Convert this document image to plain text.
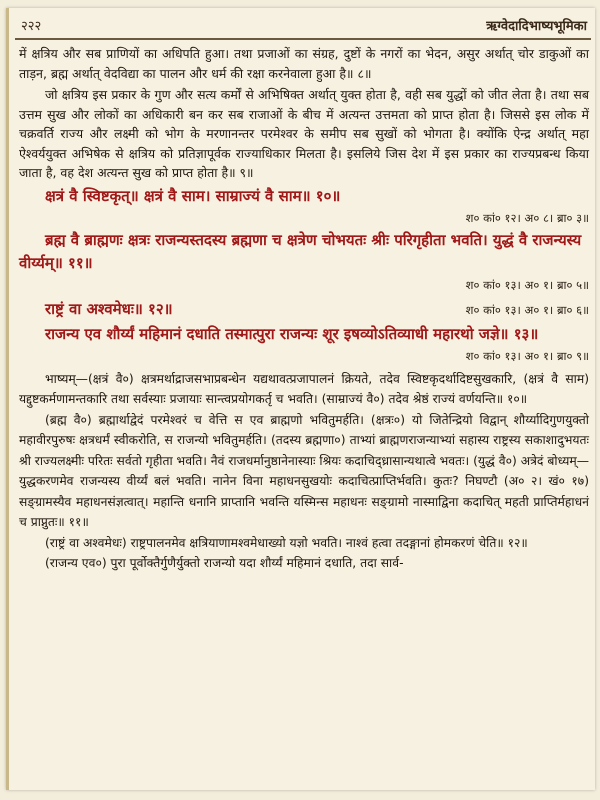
२२२	ऋग्वेदादिभाष्यभूमिका

में क्षत्रिय और सब प्राणियों का अधिपति हुआ। तथा प्रजाओं का संग्रह, दुष्टों के नगरों का भेदन, असुर अर्थात् चोर डाकुओं का ताड़न, ब्रह्म अर्थात् वेदविद्या का पालन और धर्म की रक्षा करनेवाला हुआ है॥ ८॥

जो क्षत्रिय इस प्रकार के गुण और सत्य कर्मों से अभिषिक्त अर्थात् युक्त होता है, वही सब युद्धों को जीत लेता है। तथा सब उत्तम सुख और लोकों का अधिकारी बन कर सब राजाओं के बीच में अत्यन्त उत्तमता को प्राप्त होता है। जिससे इस लोक में चक्रवर्ति राज्य और लक्ष्मी को भोग के मरणानन्तर परमेश्वर के समीप सब सुखों को भोगता है। क्योंकि ऐन्द्र अर्थात् महा ऐश्वर्ययुक्त अभिषेक से क्षत्रिय को प्रतिज्ञापूर्वक राज्याधिकार मिलता है। इसलिये जिस देश में इस प्रकार का राज्यप्रबन्ध किया जाता है, वह देश अत्यन्त सुख को प्राप्त होता है॥ ९॥

क्षत्रं वै स्विष्टकृत्॥ क्षत्रं वै साम। साम्राज्यं वै साम॥ १०॥

श० कां० १२। अ० ८। ब्रा० ३॥

ब्रह्म वै ब्राह्मणः क्षत्रः राजन्यस्तदस्य ब्रह्मणा च क्षत्रेण चोभयतः श्रीः परिगृहीता भवति। युद्धं वै राजन्यस्य वीर्य्यम्॥ ११॥

श० कां० १३। अ० १। ब्रा० ५॥

राष्ट्रं वा अश्वमेधः॥ १२॥	श० कां० १३। अ० १। ब्रा० ६॥

राजन्य एव शौर्य्यं महिमानं दधाति तस्मात्पुरा राजन्यः शूर इषव्योऽतिव्याधी महारथो जज्ञे॥ १३॥

श० कां० १३। अ० १। ब्रा० ९॥

भाष्यम्—(क्षत्रं वै०) क्षत्रमर्थाद्राजसभाप्रबन्धेन यद्यथावत्प्रजापालनं क्रियते, तदेव स्विष्टकृदर्थादिष्टसुखकारि, (क्षत्रं वै साम) यद्दुष्टकर्मणामन्तकारि तथा सर्वस्याः प्रजायाः सान्त्वप्रयोगकर्तृ च भवति। (साम्राज्यं वै०) तदेव श्रेष्ठं राज्यं वर्णयन्ति॥ १०॥

(ब्रह्म वै०) ब्रह्मार्थाद्वेदं परमेश्वरं च वेत्ति स एव ब्राह्मणो भवितुमर्हति। (क्षत्रः०) यो जितेन्द्रियो विद्वान् शौर्य्यादिगुणयुक्तो महावीरपुरुषः क्षत्रधर्मं स्वीकरोति, स राजन्यो भवितुमर्हति। (तदस्य ब्रह्मणा०) ताभ्यां ब्राह्मणराजन्याभ्यां सहास्य राष्ट्रस्य सकाशादुभयतः श्री राज्यलक्ष्मीः परितः सर्वतो गृहीता भवति। नैवं राजधर्मानुष्ठानेनास्याः श्रियः कदाचिद्ध्रासान्यथात्वे भवतः। (युद्धं वै०) अत्रेदं बोध्यम्—युद्धकरणमेव राजन्यस्य वीर्य्यं बलं भवति। नानेन विना महाधनसुखयोः कदाचित्प्राप्तिर्भवति। कुतः? निघण्टौ (अ० २। खं० १७) सङ्ग्रामस्यैव महाधनसंज्ञत्वात्। महान्ति धनानि प्राप्तानि भवन्ति यस्मिन्स महाधनः सङ्ग्रामो नास्माद्विना कदाचित् महती प्राप्तिर्महाधनं च प्राप्नुतः॥ ११॥

(राष्ट्रं वा अश्वमेधः) राष्ट्रपालनमेव क्षत्रियाणामश्वमेधाख्यो यज्ञो भवति। नाश्वं हत्वा तदङ्गानां होमकरणं चेति॥ १२॥

(राजन्य एव०) पुरा पूर्वोक्तैर्गुणैर्युक्तो राजन्यो यदा शौर्य्यं महिमानं दधाति, तदा सार्व-
